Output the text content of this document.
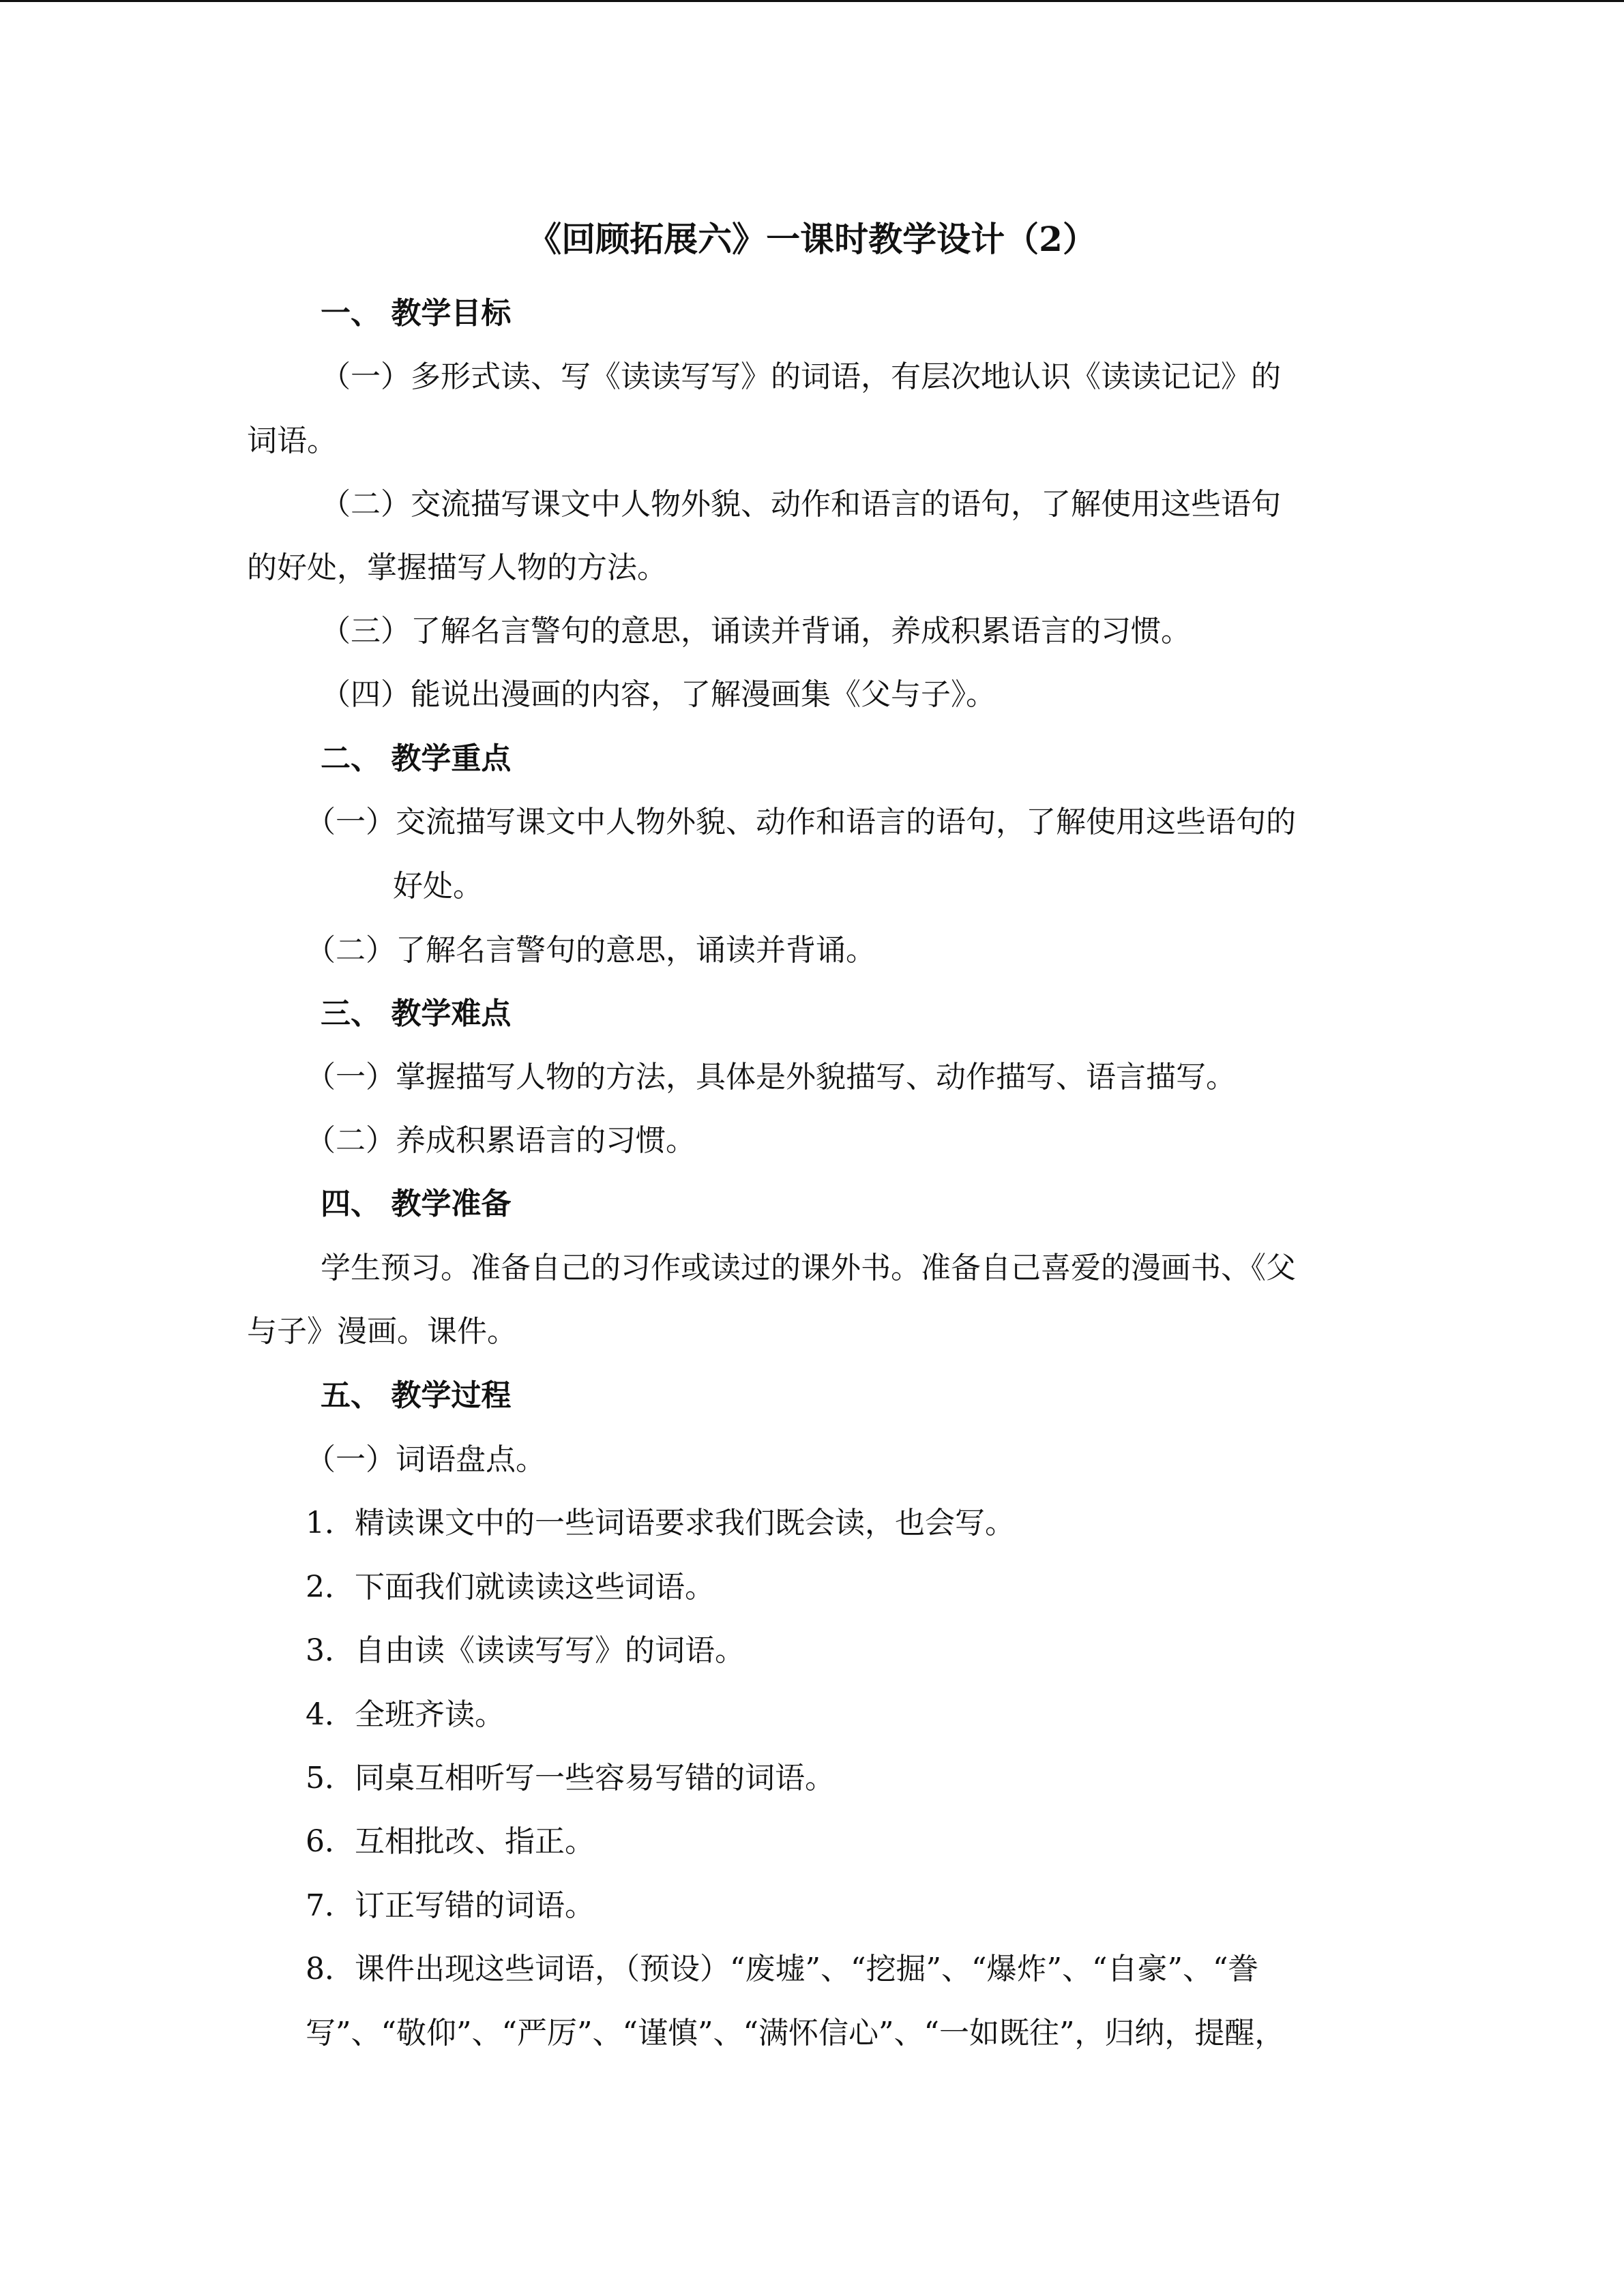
《回顾拓展六》一课时教学设计（2）
一、 教学目标
（一）多形式读、写《读读写写》的词语，有层次地认识《读读记记》的
词语。
（二）交流描写课文中人物外貌、动作和语言的语句，了解使用这些语句
的好处，掌握描写人物的方法。
（三）了解名言警句的意思，诵读并背诵，养成积累语言的习惯。
（四）能说出漫画的内容，了解漫画集《父与子》。
二、 教学重点
（一）交流描写课文中人物外貌、动作和语言的语句，了解使用这些语句的
好处。
（二）了解名言警句的意思，诵读并背诵。
三、 教学难点
（一）掌握描写人物的方法，具体是外貌描写、动作描写、语言描写。
（二）养成积累语言的习惯。
四、 教学准备
学生预习。准备自己的习作或读过的课外书。准备自己喜爱的漫画书、《父
与子》漫画。课件。
五、 教学过程
（一）词语盘点。
1．精读课文中的一些词语要求我们既会读，也会写。
2．下面我们就读读这些词语。
3．自由读《读读写写》的词语。
4．全班齐读。
5．同桌互相听写一些容易写错的词语。
6．互相批改、指正。
7．订正写错的词语。
8．课件出现这些词语，（预设）“废墟”、“挖掘”、“爆炸”、“自豪”、“誊
写”、“敬仰”、“严厉”、“谨慎”、“满怀信心”、“一如既往”，归纳，提醒，
